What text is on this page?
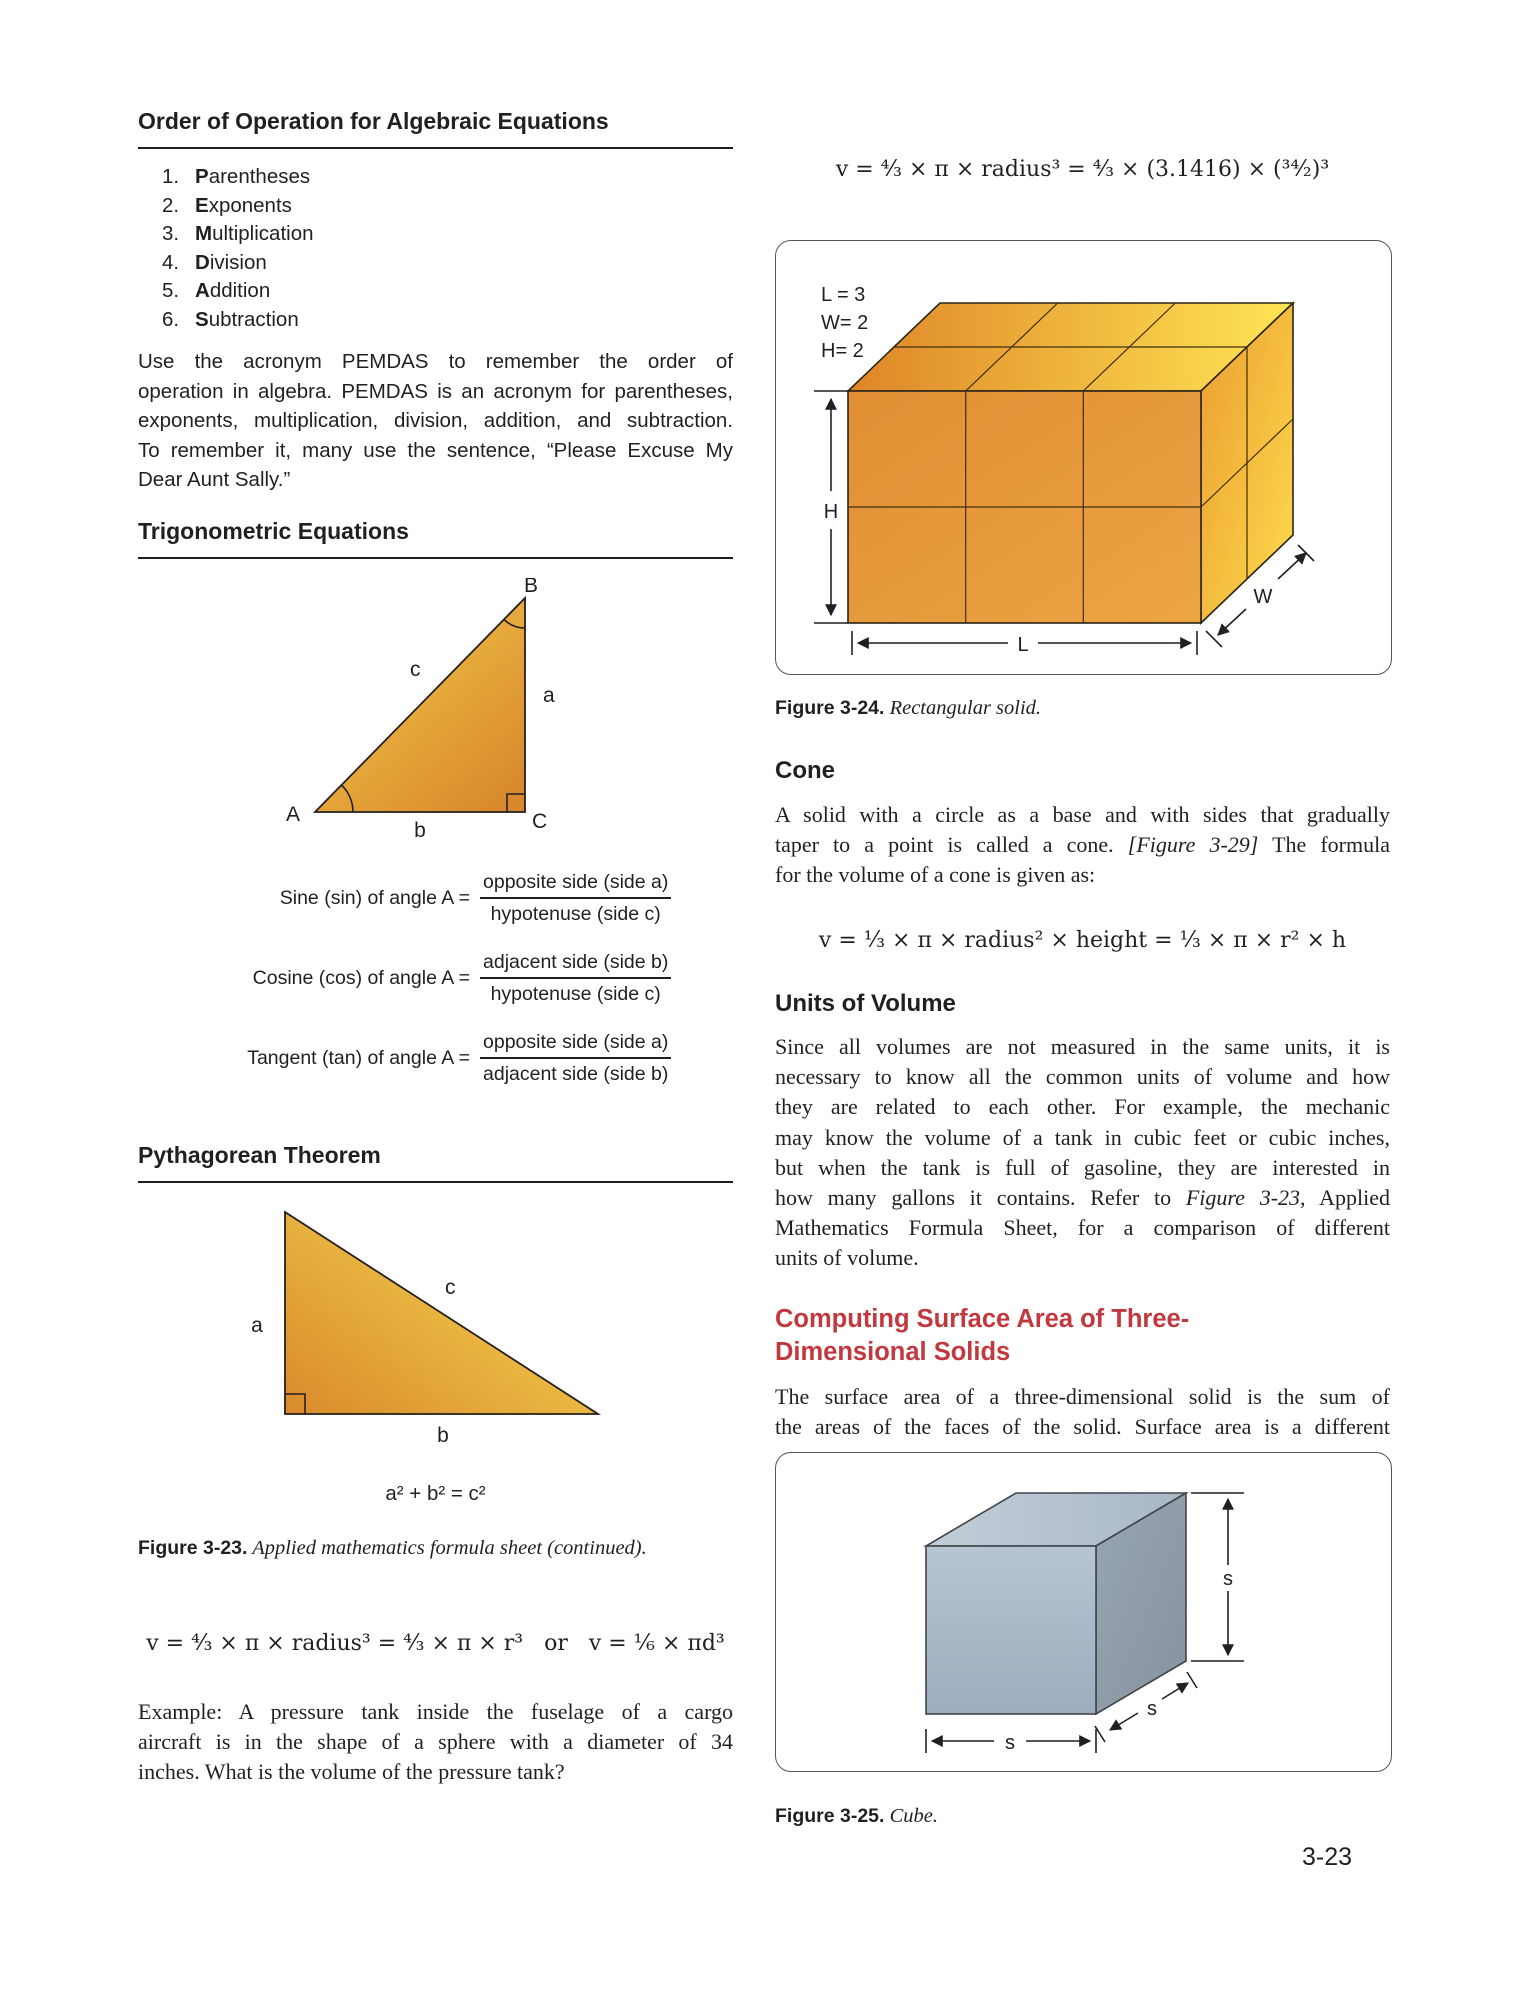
Order of Operation for Algebraic Equations
1. Parentheses
2. Exponents
3. Multiplication
4. Division
5. Addition
6. Subtraction
Use the acronym PEMDAS to remember the order of
operation in algebra. PEMDAS is an acronym for parentheses,
exponents, multiplication, division, addition, and subtraction.
To remember it, many use the sentence, “Please Excuse My
Dear Aunt Sally.”
Trigonometric Equations
B
a
c
A	C
b
Sine (sin) of angle $A = \frac{\text{opposite side (side a)}}{\text{hypotenuse (side c)}}$
Cosine (cos) of angle $A = \frac{\text{adjacent side (side b)}}{\text{hypotenuse (side c)}}$
Tangent (tan) of angle $A = \frac{\text{opposite side (side a)}}{\text{adjacent side (side b)}}$
Pythagorean Theorem
a
c
b
a² + b² = c²
Figure 3-23. Applied mathematics formula sheet (continued).
v = ⁴⁄₃ × π × radius³ = ⁴⁄₃ × π × r³   or   v = ¹⁄₆ × πd³
Example: A pressure tank inside the fuselage of a cargo
aircraft is in the shape of a sphere with a diameter of 34
inches. What is the volume of the pressure tank?

v = ⁴⁄₃ × π × radius³ = ⁴⁄₃ × (3.1416) × (³⁴⁄₂)³

L = 3
W= 2
H= 2
H
L
W
Figure 3-24. Rectangular solid.
Cone
A solid with a circle as a base and with sides that gradually
taper to a point is called a cone. [Figure 3-29] The formula
for the volume of a cone is given as:
v = ¹⁄₃ × π × radius² × height = ¹⁄₃ × π × r² × h
Units of Volume
Since all volumes are not measured in the same units, it is
necessary to know all the common units of volume and how
they are related to each other. For example, the mechanic
may know the volume of a tank in cubic feet or cubic inches,
but when the tank is full of gasoline, they are interested in
how many gallons it contains. Refer to Figure 3-23, Applied
Mathematics Formula Sheet, for a comparison of different
units of volume.
Computing Surface Area of Three-
Dimensional Solids
The surface area of a three-dimensional solid is the sum of
the areas of the faces of the solid. Surface area is a different
s
s
s
Figure 3-25. Cube.
3-23
